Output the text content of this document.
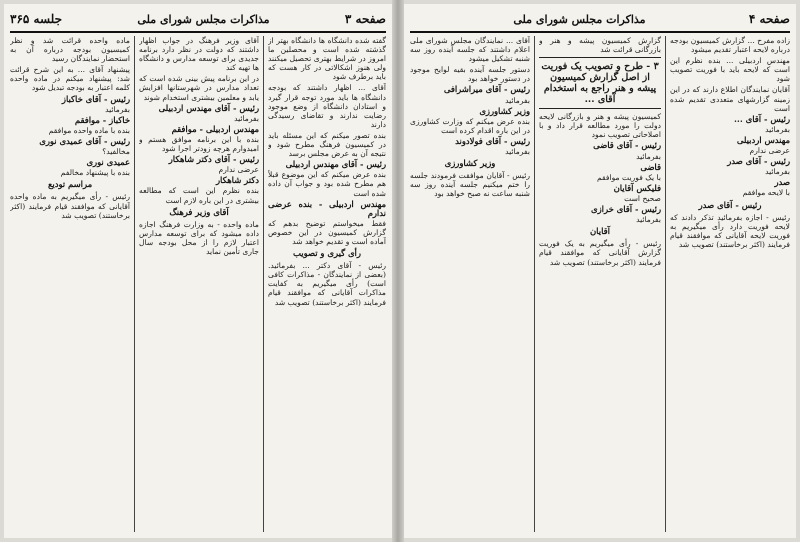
صفحه ۳
مذاکرات مجلس شورای ملی
جلسه ۳۶۵

گفته شده دانشگاه ها دانشگاه بهتر از گذشته شده است و محصلین ما امروز در شرایط بهتری تحصیل میکنند ولی هنوز اشکالاتی در کار هست که باید برطرف شود

آقای ... اظهار داشتند که بودجه دانشگاه ها باید مورد توجه قرار گیرد و استادان دانشگاه از وضع موجود رضایت ندارند و تقاضای رسیدگی دارند

بنده تصور میکنم که این مسئله باید در کمیسیون فرهنگ مطرح شود و نتیجه آن به عرض مجلس برسد

رئیس - آقای مهندس اردبیلی

بنده عرض میکنم که این موضوع قبلاً هم مطرح شده بود و جواب آن داده شده است

مهندس اردبیلی - بنده عرضی ندارم

فقط میخواستم توضیح بدهم که گزارش کمیسیون در این خصوص آماده است و تقدیم خواهد شد

رأی گیری و تصویب

رئیس - آقای دکتر ... بفرمائید. (بعضی از نمایندگان - مذاکرات کافی است) رأی میگیریم به کفایت مذاکرات آقایانی که موافقند قیام فرمایند (اکثر برخاستند) تصویب شد

آقای وزیر فرهنگ در جواب اظهار داشتند که دولت در نظر دارد برنامه جدیدی برای توسعه مدارس و دانشگاه ها تهیه کند

در این برنامه پیش بینی شده است که تعداد مدارس در شهرستانها افزایش یابد و معلمین بیشتری استخدام شوند

رئیس - آقای مهندس اردبیلی

بفرمائید

مهندس اردبیلی - موافقم

بنده با این برنامه موافق هستم و امیدوارم هرچه زودتر اجرا شود

رئیس - آقای دکتر شاهکار

عرضی ندارم

دکتر شاهکار

بنده نظرم این است که مطالعه بیشتری در این باره لازم است

آقای وزیر فرهنگ

ماده واحده - به وزارت فرهنگ اجازه داده میشود که برای توسعه مدارس اعتبار لازم را از محل بودجه سال جاری تأمین نماید

ماده واحده قرائت شد و نظر کمیسیون بودجه درباره آن به استحضار نمایندگان رسید

پیشنهاد آقای ... به این شرح قرائت شد: پیشنهاد میکنم در ماده واحده کلمه اعتبار به بودجه تبدیل شود

رئیس - آقای خاکباز

بفرمائید

خاکباز - موافقم

بنده با ماده واحده موافقم

رئیس - آقای عمیدی نوری

مخالفید؟

عمیدی نوری

بنده با پیشنهاد مخالفم

مراسم تودیع

رئیس - رأی میگیریم به ماده واحده آقایانی که موافقند قیام فرمایند (اکثر برخاستند) تصویب شد

صفحه ۴
مذاکرات مجلس شورای ملی

زاده مفرح ... گزارش کمیسیون بودجه درباره لایحه اعتبار تقدیم میشود

مهندس اردبیلی ... بنده نظرم این است که لایحه باید با فوریت تصویب شود

آقایان نمایندگان اطلاع دارند که در این زمینه گزارشهای متعددی تقدیم شده است

رئیس - آقای ...

بفرمائید

مهندس اردبیلی

عرضی ندارم

رئیس - آقای صدر

بفرمائید

صدر

با لایحه موافقم

رئیس - آقای صدر

رئیس - اجازه بفرمائید تذکر دادند که لایحه فوریت دارد رأی میگیریم به فوریت لایحه آقایانی که موافقند قیام فرمایند (اکثر برخاستند) تصویب شد

گزارش کمیسیون پیشه و هنر و بازرگانی قرائت شد

۳ - طرح و تصویب یک فوریت از اصل گزارش کمیسیون پیشه و هنر راجع به استخدام آقای ...

کمیسیون پیشه و هنر و بازرگانی لایحه دولت را مورد مطالعه قرار داد و با اصلاحاتی تصویب نمود

رئیس - آقای قاضی

بفرمائید

قاضی

با یک فوریت موافقم

فلیکس آقایان

صحیح است

رئیس - آقای خرازی

بفرمائید

آقایان

رئیس - رأی میگیریم به یک فوریت گزارش آقایانی که موافقند قیام فرمایند (اکثر برخاستند) تصویب شد

آقای ... نمایندگان مجلس شورای ملی اعلام داشتند که جلسه آینده روز سه شنبه تشکیل میشود

دستور جلسه آینده بقیه لوایح موجود در دستور خواهد بود

رئیس - آقای میراشرافی

بفرمائید

وزیر کشاورزی

بنده عرض میکنم که وزارت کشاورزی در این باره اقدام کرده است

رئیس - آقای فولادوند

بفرمائید

وزیر کشاورزی

رئیس - آقایان موافقت فرمودند جلسه را ختم میکنیم جلسه آینده روز سه شنبه ساعت نه صبح خواهد بود
